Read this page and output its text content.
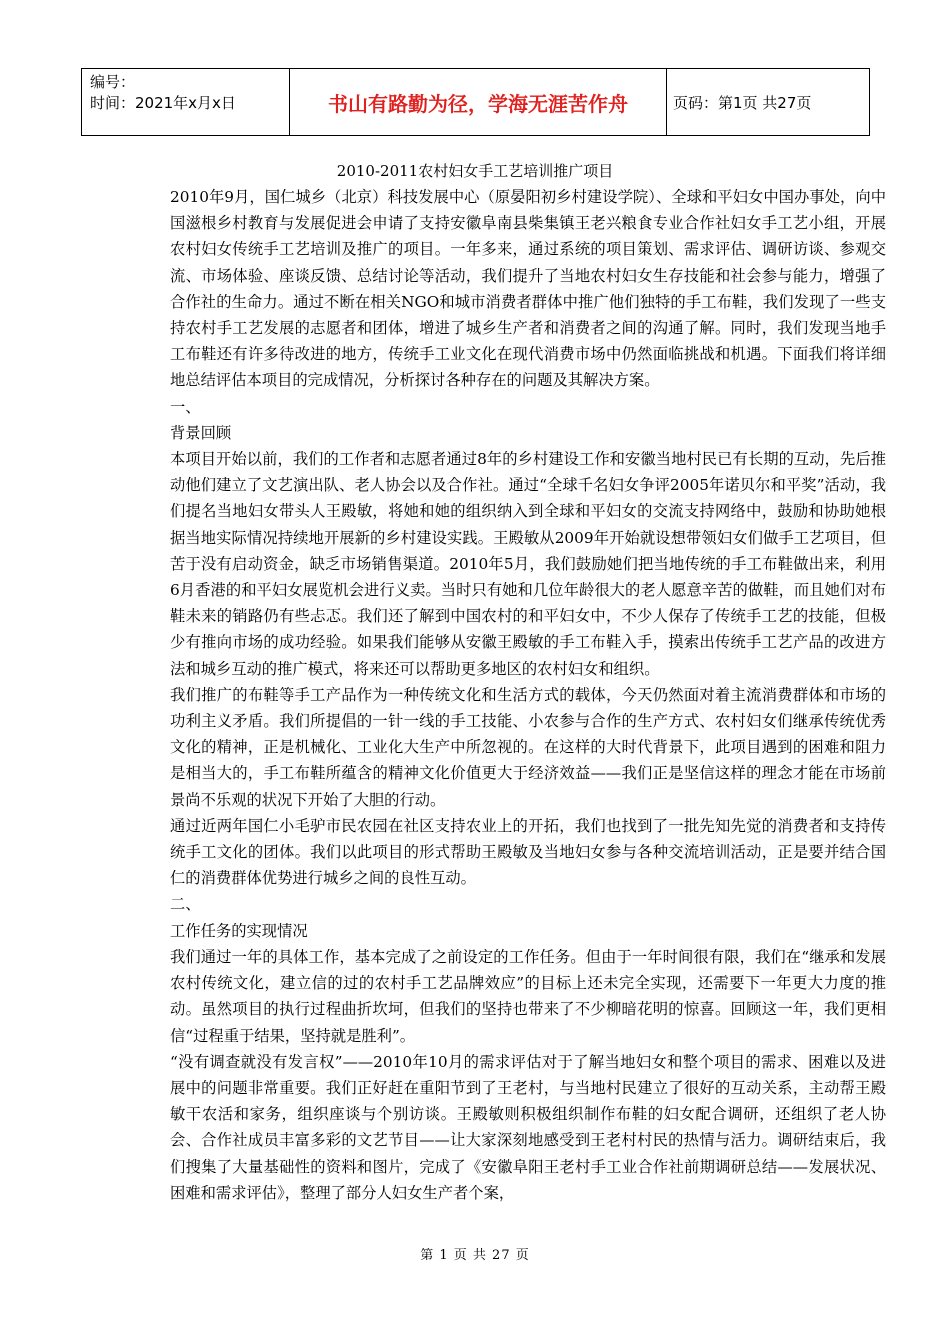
编号：
时间：2021年x月x日	书山有路勤为径，学海无涯苦作舟	页码：第1页 共27页
2010-2011农村妇女手工艺培训推广项目

2010年9月，国仁城乡（北京）科技发展中心（原晏阳初乡村建设学院）、全球和平妇女中国办事处，向中国滋根乡村教育与发展促进会申请了支持安徽阜南县柴集镇王老兴粮食专业合作社妇女手工艺小组，开展农村妇女传统手工艺培训及推广的项目。一年多来，通过系统的项目策划、需求评估、调研访谈、参观交流、市场体验、座谈反馈、总结讨论等活动，我们提升了当地农村妇女生存技能和社会参与能力，增强了合作社的生命力。通过不断在相关NGO和城市消费者群体中推广他们独特的手工布鞋，我们发现了一些支持农村手工艺发展的志愿者和团体，增进了城乡生产者和消费者之间的沟通了解。同时，我们发现当地手工布鞋还有许多待改进的地方，传统手工业文化在现代消费市场中仍然面临挑战和机遇。下面我们将详细地总结评估本项目的完成情况，分析探讨各种存在的问题及其解决方案。

一、

背景回顾

本项目开始以前，我们的工作者和志愿者通过8年的乡村建设工作和安徽当地村民已有长期的互动，先后推动他们建立了文艺演出队、老人协会以及合作社。通过“全球千名妇女争评2005年诺贝尔和平奖”活动，我们提名当地妇女带头人王殿敏，将她和她的组织纳入到全球和平妇女的交流支持网络中，鼓励和协助她根据当地实际情况持续地开展新的乡村建设实践。王殿敏从2009年开始就设想带领妇女们做手工艺项目，但苦于没有启动资金，缺乏市场销售渠道。2010年5月，我们鼓励她们把当地传统的手工布鞋做出来，利用6月香港的和平妇女展览机会进行义卖。当时只有她和几位年龄很大的老人愿意辛苦的做鞋，而且她们对布鞋未来的销路仍有些忐忑。我们还了解到中国农村的和平妇女中，不少人保存了传统手工艺的技能，但极少有推向市场的成功经验。如果我们能够从安徽王殿敏的手工布鞋入手，摸索出传统手工艺产品的改进方法和城乡互动的推广模式，将来还可以帮助更多地区的农村妇女和组织。

我们推广的布鞋等手工产品作为一种传统文化和生活方式的载体，今天仍然面对着主流消费群体和市场的功利主义矛盾。我们所提倡的一针一线的手工技能、小农参与合作的生产方式、农村妇女们继承传统优秀文化的精神，正是机械化、工业化大生产中所忽视的。在这样的大时代背景下，此项目遇到的困难和阻力是相当大的，手工布鞋所蕴含的精神文化价值更大于经济效益——我们正是坚信这样的理念才能在市场前景尚不乐观的状况下开始了大胆的行动。

通过近两年国仁小毛驴市民农园在社区支持农业上的开拓，我们也找到了一批先知先觉的消费者和支持传统手工文化的团体。我们以此项目的形式帮助王殿敏及当地妇女参与各种交流培训活动，正是要并结合国仁的消费群体优势进行城乡之间的良性互动。

二、

工作任务的实现情况

我们通过一年的具体工作，基本完成了之前设定的工作任务。但由于一年时间很有限，我们在“继承和发展农村传统文化，建立信的过的农村手工艺品牌效应”的目标上还未完全实现，还需要下一年更大力度的推动。虽然项目的执行过程曲折坎坷，但我们的坚持也带来了不少柳暗花明的惊喜。回顾这一年，我们更相信“过程重于结果，坚持就是胜利”。

“没有调查就没有发言权”——2010年10月的需求评估对于了解当地妇女和整个项目的需求、困难以及进展中的问题非常重要。我们正好赶在重阳节到了王老村，与当地村民建立了很好的互动关系，主动帮王殿敏干农活和家务，组织座谈与个别访谈。王殿敏则积极组织制作布鞋的妇女配合调研，还组织了老人协会、合作社成员丰富多彩的文艺节目——让大家深刻地感受到王老村村民的热情与活力。调研结束后，我们搜集了大量基础性的资料和图片，完成了《安徽阜阳王老村手工业合作社前期调研总结——发展状况、困难和需求评估》，整理了部分人妇女生产者个案，

第 1 页 共 27 页
